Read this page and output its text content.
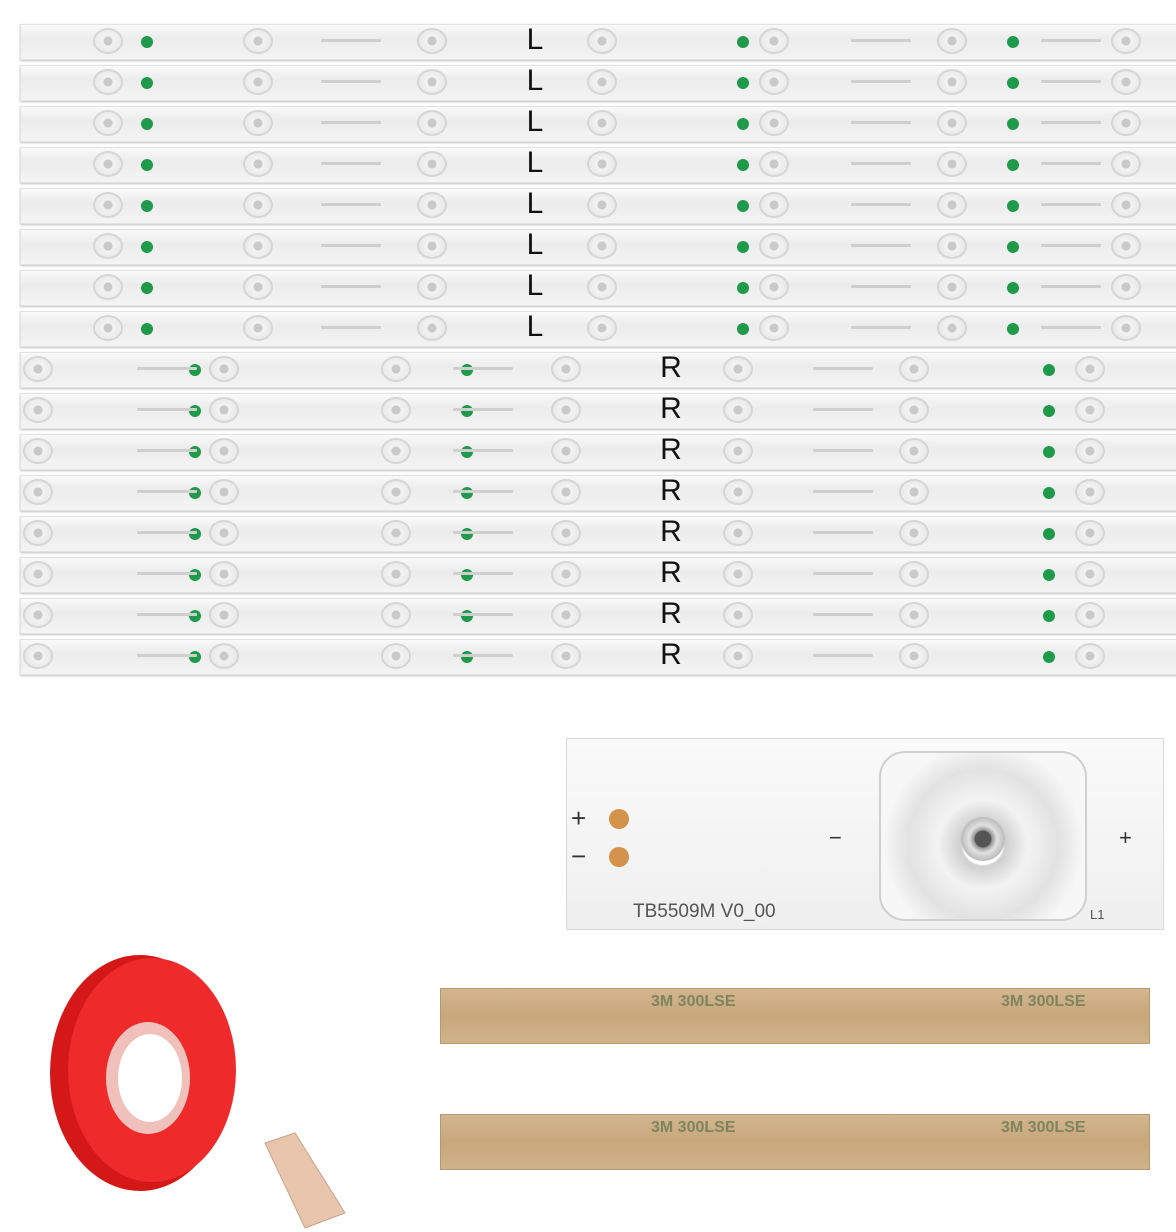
L
L
L
L
L
L
L
L
R
R
R
R
R
R
R
R
+
−
−	+
TB5509M V0_00	L1
3M 300LSE	3M 300LSE
3M 300LSE	3M 300LSE
